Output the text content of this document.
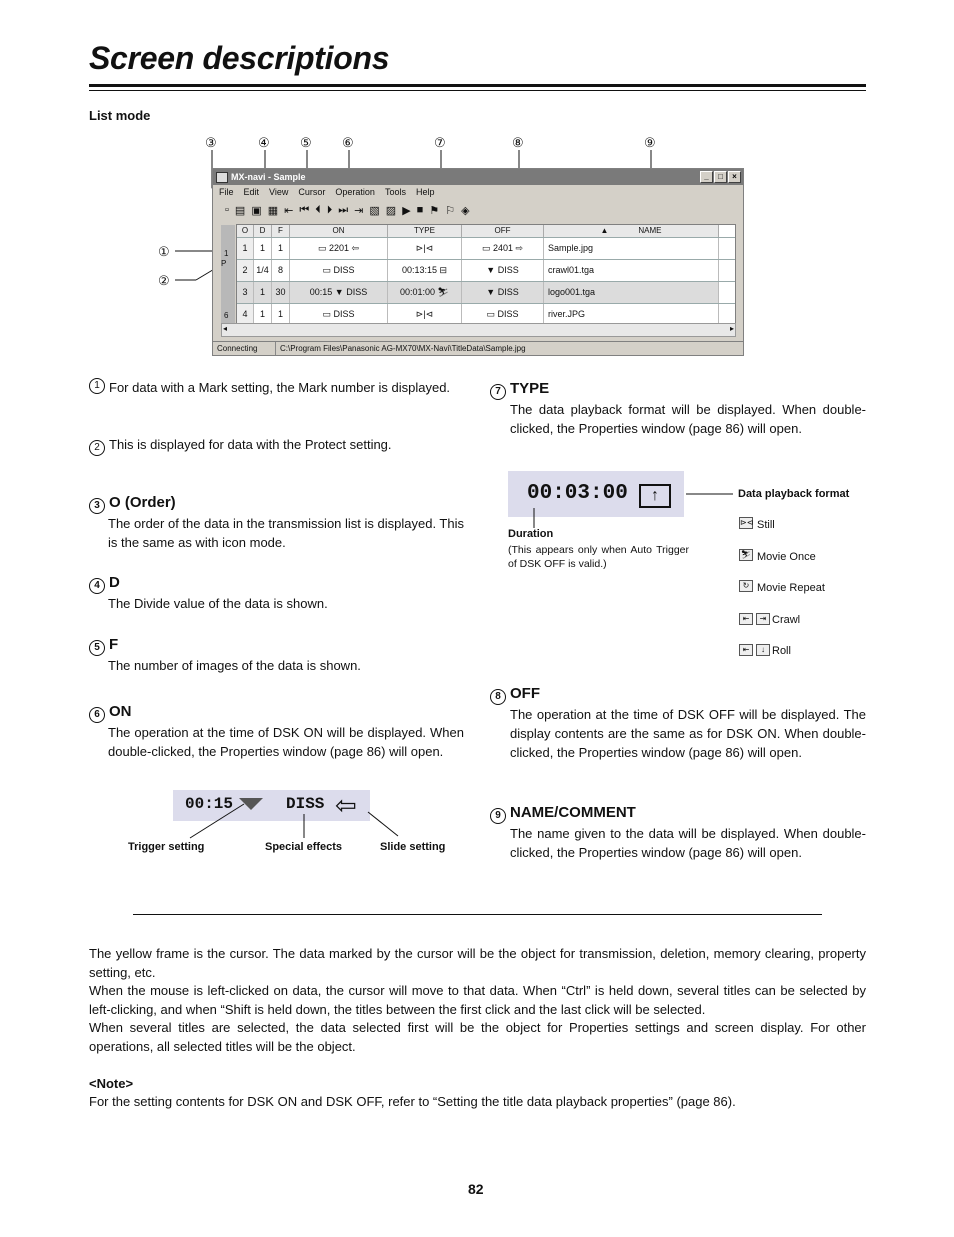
Screen descriptions
List mode
③	④ ⑤ ⑥	⑦	⑧	⑨
①
②
MX-navi - Sample	_	□	×
File Edit View Cursor Operation Tools Help
▫ ▤ ▣ ▦ ⇤ ⏮ ⏴ ⏵ ⏭ ⇥ ▧ ▨ ▶ ■ ⚑ ⚐ ◈
1
P
6
O	D	F	ON	TYPE	OFF	▲	NAME
1	1	1	▭ 2201 ⇦	⊳|⊲	▭ 2401 ⇨	Sample.jpg
2 1/4	8	▭ DISS	00:13:15 ⊟	▼ DISS	crawl01.tga
3	1	30	00:15 ▼ DISS	00:01:00 ⛷	▼ DISS	logo001.tga
4	1	1	▭ DISS	⊳|⊲	▭ DISS	river.JPG
◂	▸
Connecting	C:\Program Files\Panasonic AG-MX70\MX-Navi\TitleData\Sample.jpg
1 For data with a Mark setting, the Mark number is displayed.
2 This is displayed for data with the Protect setting.
3 O (Order)
The order of the data in the transmission list is displayed. This is the same as with icon mode.
4 D
The Divide value of the data is shown.
5 F
The number of images of the data is shown.
6 ON
The operation at the time of DSK ON will be displayed. When double-clicked, the Properties window (page 86) will open.
00:15	DISS ⇦
Trigger setting	Special effects	Slide setting
7 TYPE
The data playback format will be displayed. When double-clicked, the Properties window (page 86) will open.
00:03:00	↑	Data playback format
Duration
(This appears only when Auto Trigger of DSK OFF is valid.)
⊳⊲ Still
⛷ Movie Once
↻ Movie Repeat
⇤	⇥ Crawl
⇤	↓ Roll
8 OFF
The operation at the time of DSK OFF will be displayed. The display contents are the same as for DSK ON. When double-clicked, the Properties window (page 86) will open.
9 NAME/COMMENT
The name given to the data will be displayed. When double-clicked, the Properties window (page 86) will open.
The yellow frame is the cursor. The data marked by the cursor will be the object for transmission, deletion, memory clearing, property setting, etc.
When the mouse is left-clicked on data, the cursor will move to that data. When “Ctrl” is held down, several titles can be selected by left-clicking, and when “Shift is held down, the titles between the first click and the last click will be selected.
When several titles are selected, the data selected first will be the object for Properties settings and screen display. For other operations, all selected titles will be the object.
<Note>
For the setting contents for DSK ON and DSK OFF, refer to “Setting the title data playback properties” (page 86).
82
